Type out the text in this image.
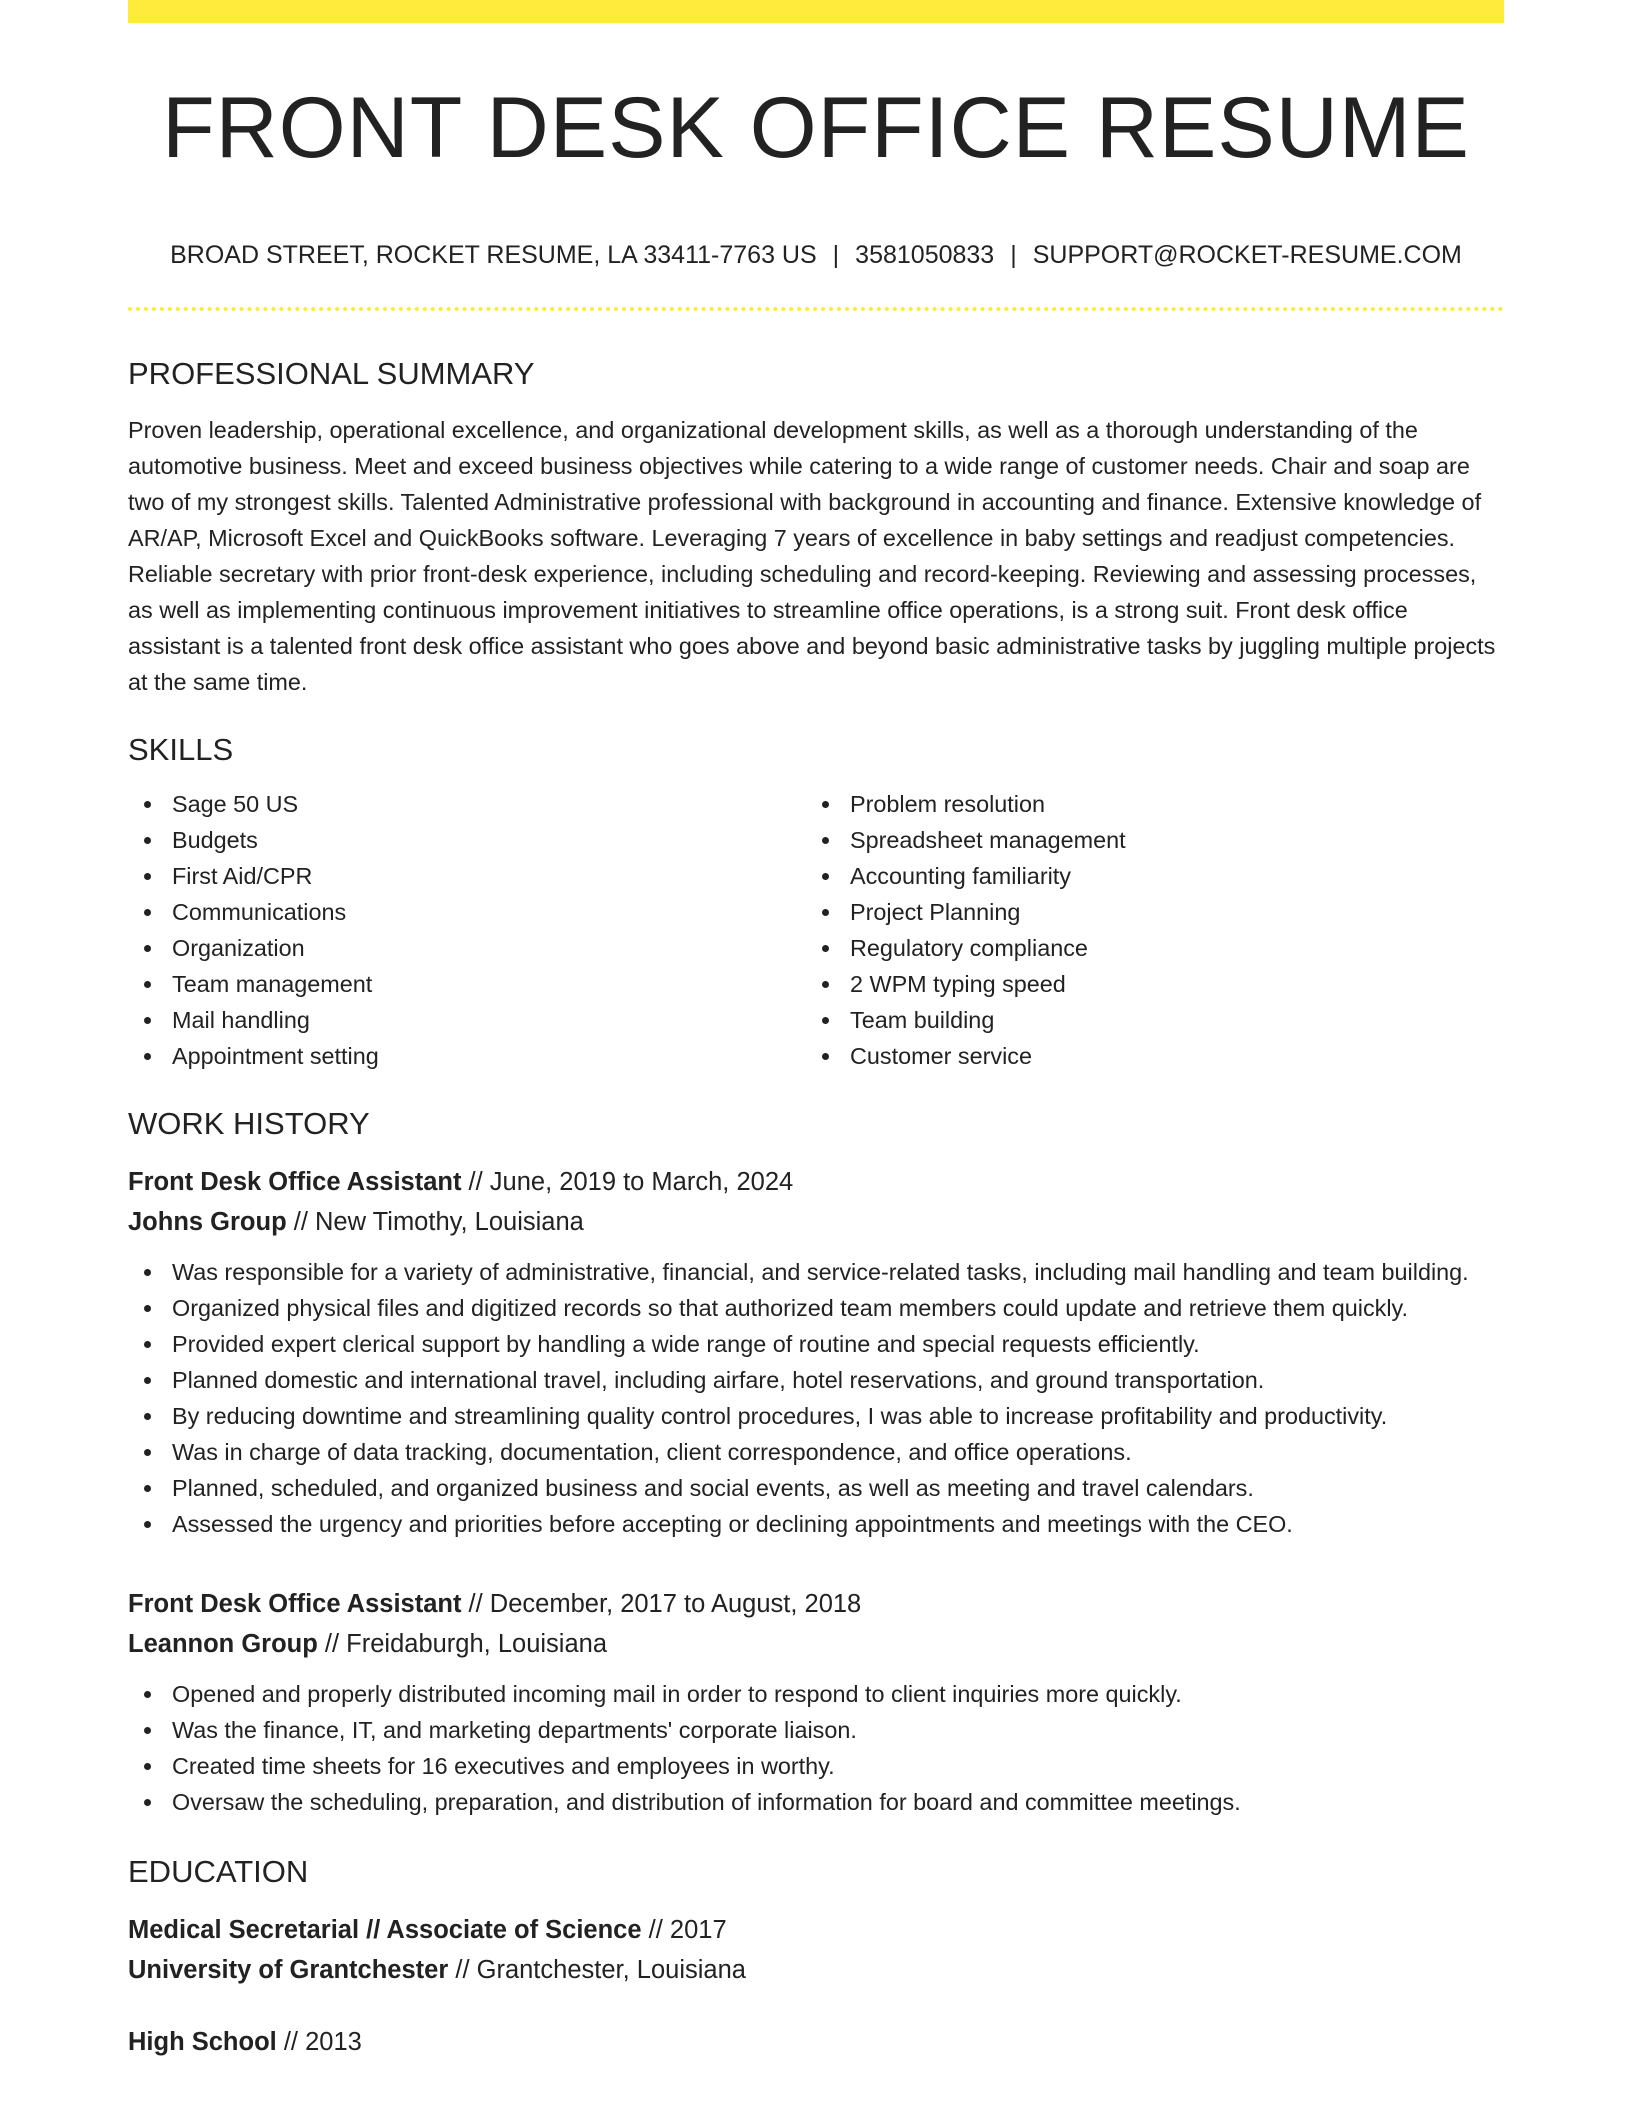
FRONT DESK OFFICE RESUME
BROAD STREET, ROCKET RESUME, LA 33411-7763 US | 3581050833 | SUPPORT@ROCKET-RESUME.COM
PROFESSIONAL SUMMARY

Proven leadership, operational excellence, and organizational development skills, as well as a thorough understanding of the automotive business. Meet and exceed business objectives while catering to a wide range of customer needs. Chair and soap are two of my strongest skills. Talented Administrative professional with background in accounting and finance. Extensive knowledge of AR/AP, Microsoft Excel and QuickBooks software. Leveraging 7 years of excellence in baby settings and readjust competencies. Reliable secretary with prior front-desk experience, including scheduling and record-keeping. Reviewing and assessing processes, as well as implementing continuous improvement initiatives to streamline office operations, is a strong suit. Front desk office assistant is a talented front desk office assistant who goes above and beyond basic administrative tasks by juggling multiple projects at the same time.

SKILLS
Sage 50 US
Budgets
First Aid/CPR
Communications
Organization
Team management
Mail handling
Appointment setting
Problem resolution
Spreadsheet management
Accounting familiarity
Project Planning
Regulatory compliance
2 WPM typing speed
Team building
Customer service
WORK HISTORY
Front Desk Office Assistant // June, 2019 to March, 2024
Johns Group // New Timothy, Louisiana
Was responsible for a variety of administrative, financial, and service-related tasks, including mail handling and team building.
Organized physical files and digitized records so that authorized team members could update and retrieve them quickly.
Provided expert clerical support by handling a wide range of routine and special requests efficiently.
Planned domestic and international travel, including airfare, hotel reservations, and ground transportation.
By reducing downtime and streamlining quality control procedures, I was able to increase profitability and productivity.
Was in charge of data tracking, documentation, client correspondence, and office operations.
Planned, scheduled, and organized business and social events, as well as meeting and travel calendars.
Assessed the urgency and priorities before accepting or declining appointments and meetings with the CEO.
Front Desk Office Assistant // December, 2017 to August, 2018
Leannon Group // Freidaburgh, Louisiana
Opened and properly distributed incoming mail in order to respond to client inquiries more quickly.
Was the finance, IT, and marketing departments' corporate liaison.
Created time sheets for 16 executives and employees in worthy.
Oversaw the scheduling, preparation, and distribution of information for board and committee meetings.
EDUCATION
Medical Secretarial // Associate of Science // 2017
University of Grantchester // Grantchester, Louisiana
High School // 2013
